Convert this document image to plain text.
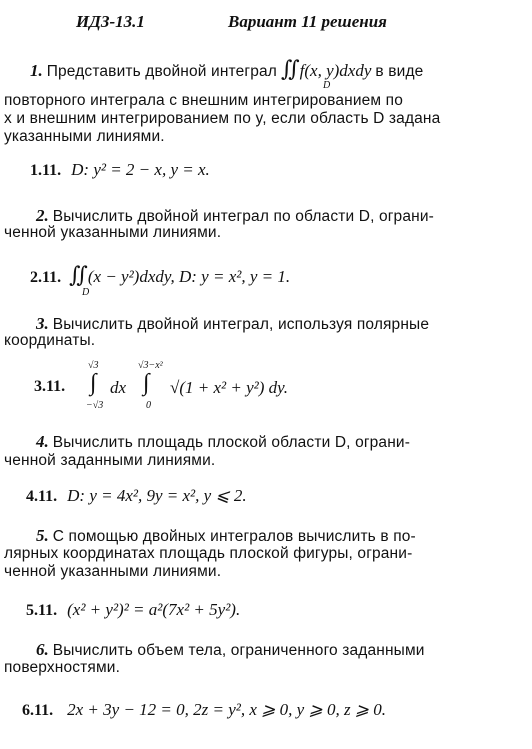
ИДЗ-13.1	Вариант 11 решения
1. Представить двойной интеграл ∬f(x, y)dxdy в виде
D
повторного интеграла с внешним интегрированием по
x и внешним интегрированием по y, если область D задана
указанными линиями.
1.11. D: y² = 2 − x, y = x.
2. Вычислить двойной интеграл по области D, ограни-
ченной указанными линиями.
2.11. ∬(x − y²)dxdy, D: y = x², y = 1.
D
3. Вычислить двойной интеграл, используя полярные
координаты.
3.11.
√3
∫
−√3
dx
√3−x²
∫
0
√(1 + x² + y²) dy.
4. Вычислить площадь плоской области D, ограни-
ченной заданными линиями.
4.11. D: y = 4x², 9y = x², y ⩽ 2.
5. С помощью двойных интегралов вычислить в по-
лярных координатах площадь плоской фигуры, ограни-
ченной указанными линиями.
5.11. (x² + y²)² = a²(7x² + 5y²).
6. Вычислить объем тела, ограниченного заданными
поверхностями.
6.11. 2x + 3y − 12 = 0, 2z = y², x ⩾ 0, y ⩾ 0, z ⩾ 0.
